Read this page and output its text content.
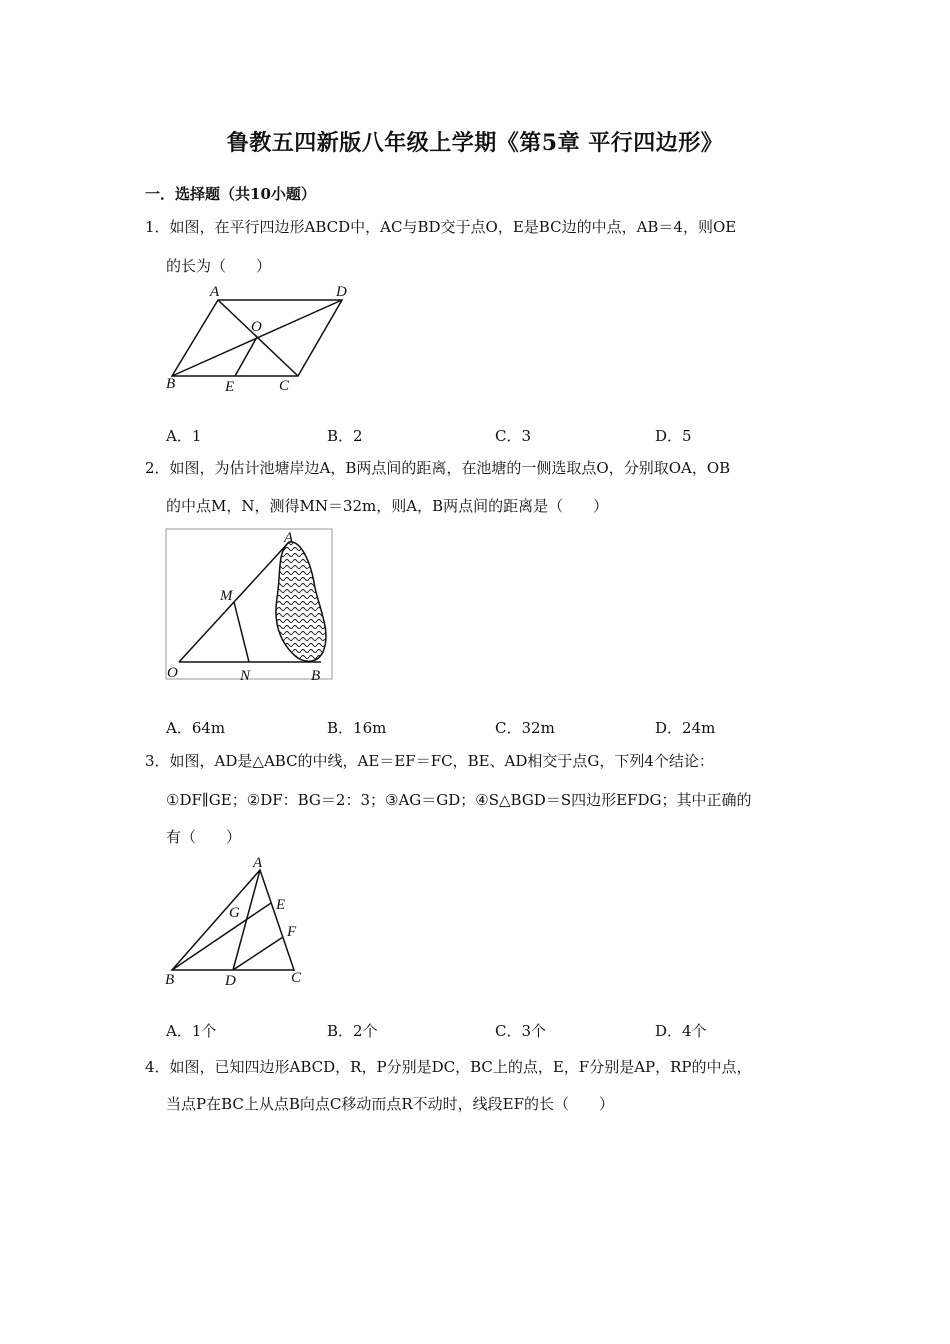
鲁教五四新版八年级上学期《第5章 平行四边形》
一．选择题（共10小题）
1．如图，在平行四边形ABCD中，AC与BD交于点O，E是BC边的中点，AB＝4，则OE
的长为（　　）
A	D
O
B	E	C
A．1	B．2	C．3	D．5
2．如图，为估计池塘岸边A，B两点间的距离，在池塘的一侧选取点O，分别取OA，OB
的中点M，N，测得MN＝32m，则A，B两点间的距离是（　　）
A
M
O	N	B
A．64m	B．16m	C．32m	D．24m
3．如图，AD是△ABC的中线，AE＝EF＝FC，BE、AD相交于点G，下列4个结论：
①DF∥GE；②DF：BG＝2：3；③AG＝GD；④S△BGD＝S四边形EFDG；其中正确的
有（　　）
A
G E
F
B	D	C
A．1个	B．2个	C．3个	D．4个
4．如图，已知四边形ABCD，R，P分别是DC，BC上的点，E，F分别是AP，RP的中点，
当点P在BC上从点B向点C移动而点R不动时，线段EF的长（　　）
